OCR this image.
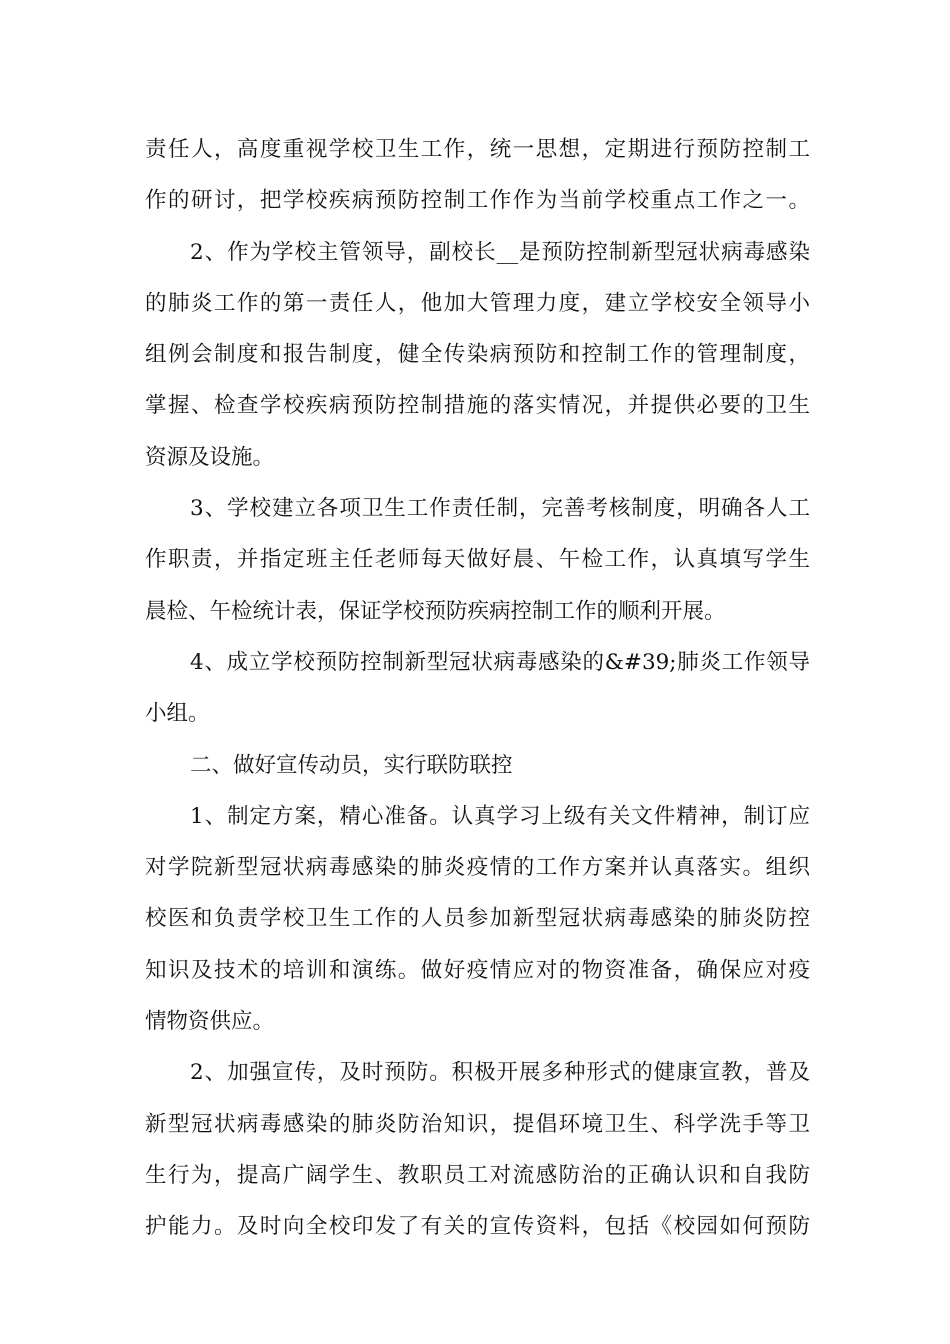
责任人，高度重视学校卫生工作，统一思想，定期进行预防控制工
作的研讨，把学校疾病预防控制工作作为当前学校重点工作之一。
2、作为学校主管领导，副校长__是预防控制新型冠状病毒感染
的肺炎工作的第一责任人，他加大管理力度，建立学校安全领导小
组例会制度和报告制度，健全传染病预防和控制工作的管理制度，
掌握、检查学校疾病预防控制措施的落实情况，并提供必要的卫生
资源及设施。
3、学校建立各项卫生工作责任制，完善考核制度，明确各人工
作职责，并指定班主任老师每天做好晨、午检工作，认真填写学生
晨检、午检统计表，保证学校预防疾病控制工作的顺利开展。
4、成立学校预防控制新型冠状病毒感染的&#39;肺炎工作领导
小组。
二、做好宣传动员，实行联防联控
1、制定方案，精心准备。认真学习上级有关文件精神，制订应
对学院新型冠状病毒感染的肺炎疫情的工作方案并认真落实。组织
校医和负责学校卫生工作的人员参加新型冠状病毒感染的肺炎防控
知识及技术的培训和演练。做好疫情应对的物资准备，确保应对疫
情物资供应。
2、加强宣传，及时预防。积极开展多种形式的健康宣教，普及
新型冠状病毒感染的肺炎防治知识，提倡环境卫生、科学洗手等卫
生行为，提高广阔学生、教职员工对流感防治的正确认识和自我防
护能力。及时向全校印发了有关的宣传资料，包括《校园如何预防
